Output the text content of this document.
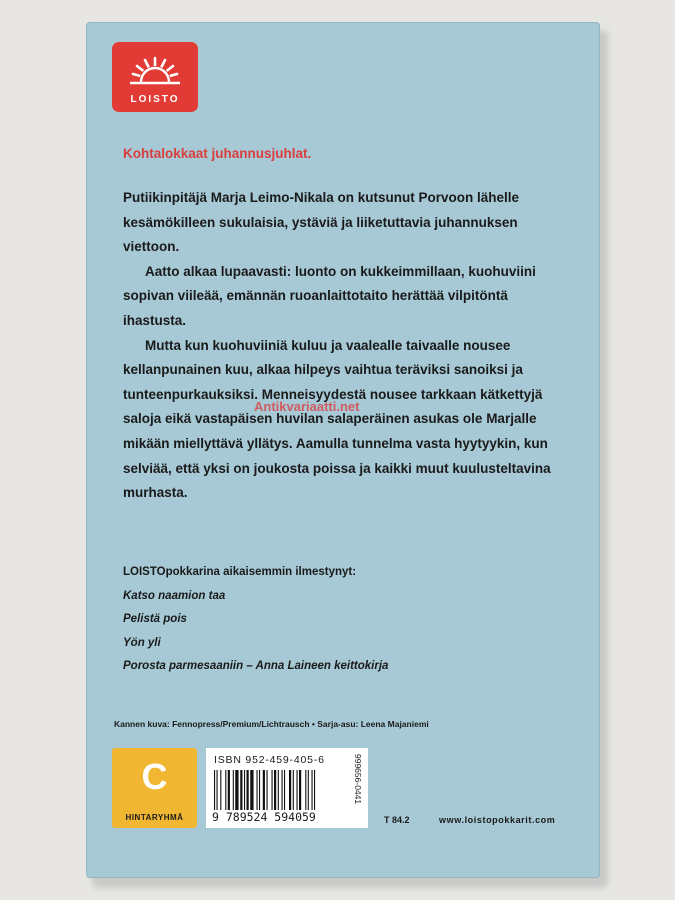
LOISTO
Kohtalokkaat juhannusjuhlat.

Putiikinpitäjä Marja Leimo-Nikala on kutsunut Porvoon lähelle kesämökilleen sukulaisia, ystäviä ja liiketuttavia juhannuksen viettoon.

Aatto alkaa lupaavasti: luonto on kukkeimmillaan, kuohuviini sopivan viileää, emännän ruoanlaittotaito herättää vilpitöntä ihastusta.

Mutta kun kuohuviiniä kuluu ja vaalealle taivaalle nousee kellanpunainen kuu, alkaa hilpeys vaihtua teräviksi sanoiksi ja tunteenpurkauksiksi. Menneisyydestä nousee tarkkaan kätkettyjä saloja eikä vastapäisen huvilan salaperäinen asukas ole Marjalle mikään miellyttävä yllätys. Aamulla tunnelma vasta hyytyykin, kun selviää, että yksi on joukosta poissa ja kaikki muut kuulusteltavina murhasta.

Antikvariaatti.net
LOISTOpokkarina aikaisemmin ilmestynyt:
Katso naamion taa
Pelistä pois
Yön yli
Porosta parmesaaniin – Anna Laineen keittokirja
Kannen kuva: Fennopress/Premium/Lichtrausch • Sarja-asu: Leena Majaniemi
C
HINTARYHMÄ
ISBN 952-459-405-6
9 789524 594059
999656-0441
T 84.2	www.loistopokkarit.com
